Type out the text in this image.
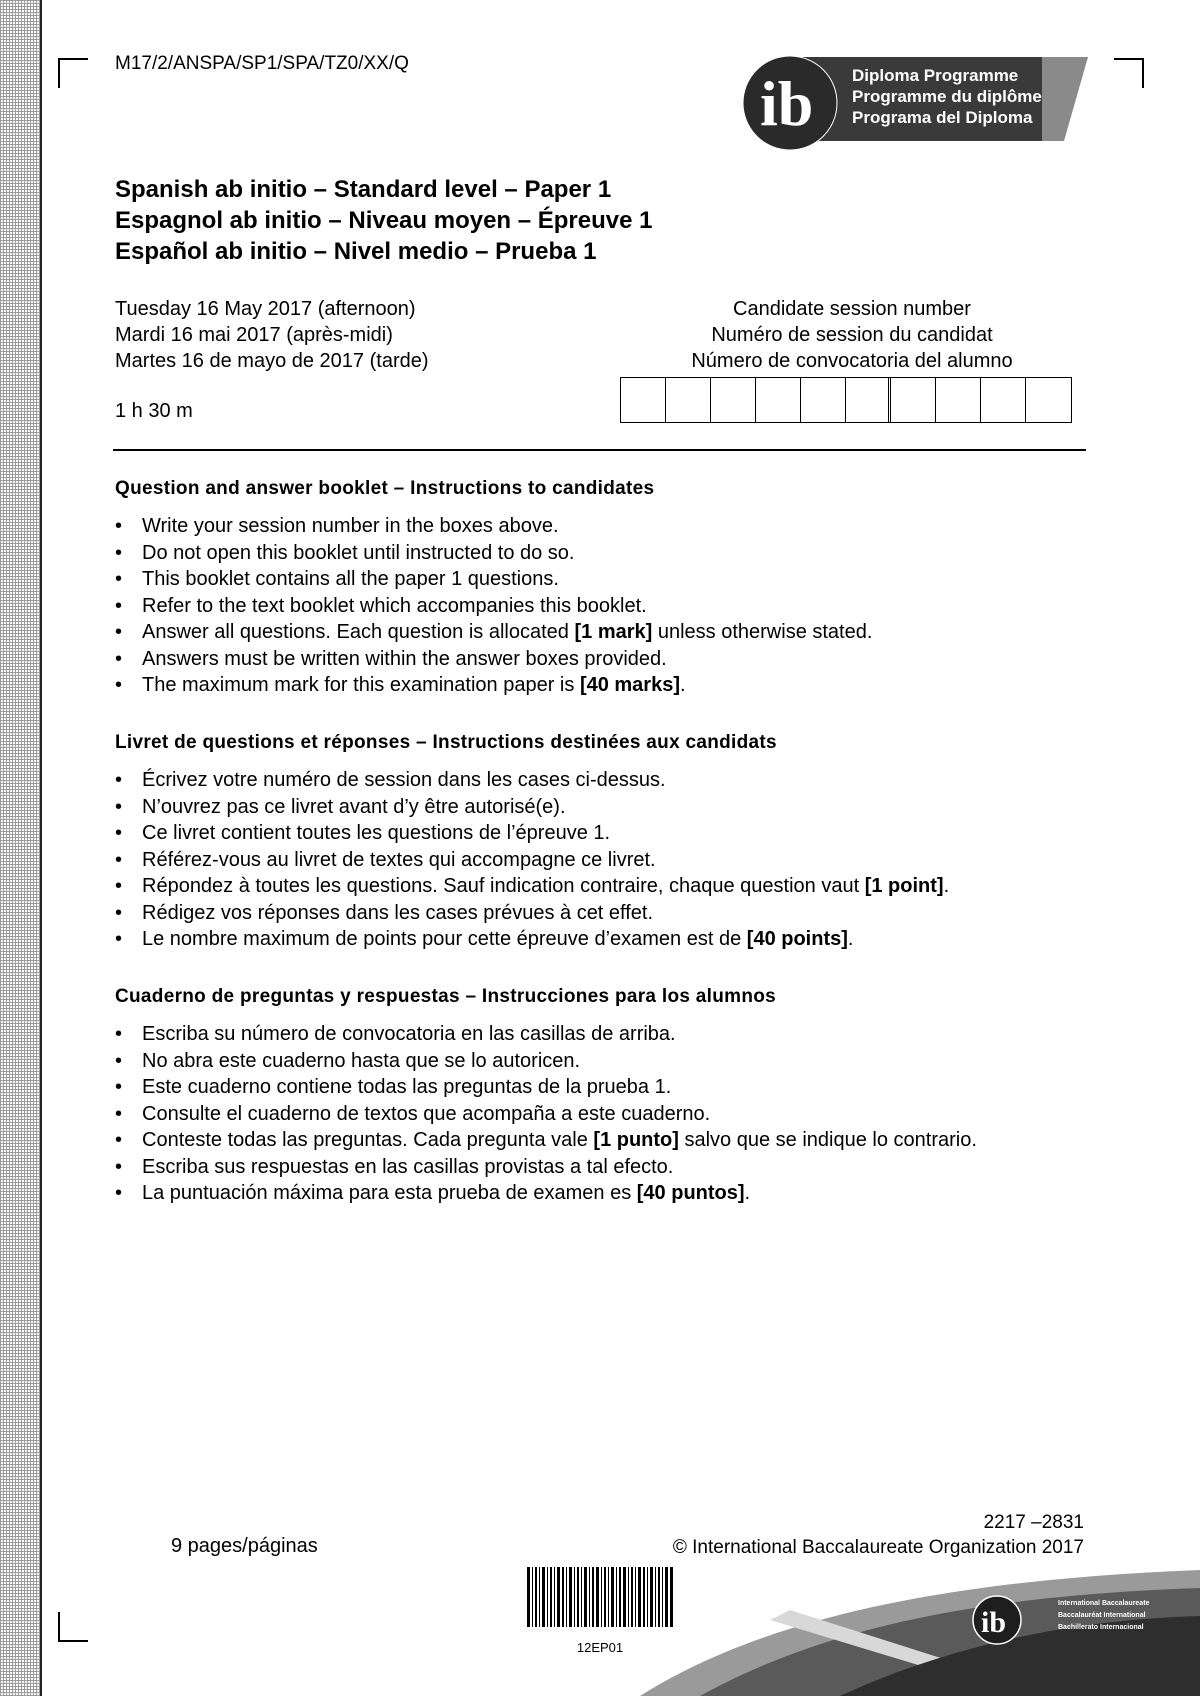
M17/2/ANSPA/SP1/SPA/TZ0/XX/Q
ib Diploma Programme
Programme du diplôme
Programa del Diploma
Spanish ab initio – Standard level – Paper 1
Espagnol ab initio – Niveau moyen – Épreuve 1
Español ab initio – Nivel medio – Prueba 1
Tuesday 16 May 2017 (afternoon)
Mardi 16 mai 2017 (après-midi)
Martes 16 de mayo de 2017 (tarde)
1 h 30 m
Candidate session number
Numéro de session du candidat
Número de convocatoria del alumno
Question and answer booklet – Instructions to candidates
• Write your session number in the boxes above.
• Do not open this booklet until instructed to do so.
• This booklet contains all the paper 1 questions.
• Refer to the text booklet which accompanies this booklet.
• Answer all questions. Each question is allocated [1 mark] unless otherwise stated.
• Answers must be written within the answer boxes provided.
• The maximum mark for this examination paper is [40 marks].
Livret de questions et réponses – Instructions destinées aux candidats
• Écrivez votre numéro de session dans les cases ci-dessus.
• N’ouvrez pas ce livret avant d’y être autorisé(e).
• Ce livret contient toutes les questions de l’épreuve 1.
• Référez-vous au livret de textes qui accompagne ce livret.
• Répondez à toutes les questions. Sauf indication contraire, chaque question vaut [1 point].
• Rédigez vos réponses dans les cases prévues à cet effet.
• Le nombre maximum de points pour cette épreuve d’examen est de [40 points].
Cuaderno de preguntas y respuestas – Instrucciones para los alumnos
• Escriba su número de convocatoria en las casillas de arriba.
• No abra este cuaderno hasta que se lo autoricen.
• Este cuaderno contiene todas las preguntas de la prueba 1.
• Consulte el cuaderno de textos que acompaña a este cuaderno.
• Conteste todas las preguntas. Cada pregunta vale [1 punto] salvo que se indique lo contrario.
• Escriba sus respuestas en las casillas provistas a tal efecto.
• La puntuación máxima para esta prueba de examen es [40 puntos].
9 pages/páginas
2217 –2831
© International Baccalaureate Organization 2017
12EP01
ib
International Baccalaureate
Baccalauréat International
Bachillerato Internacional
